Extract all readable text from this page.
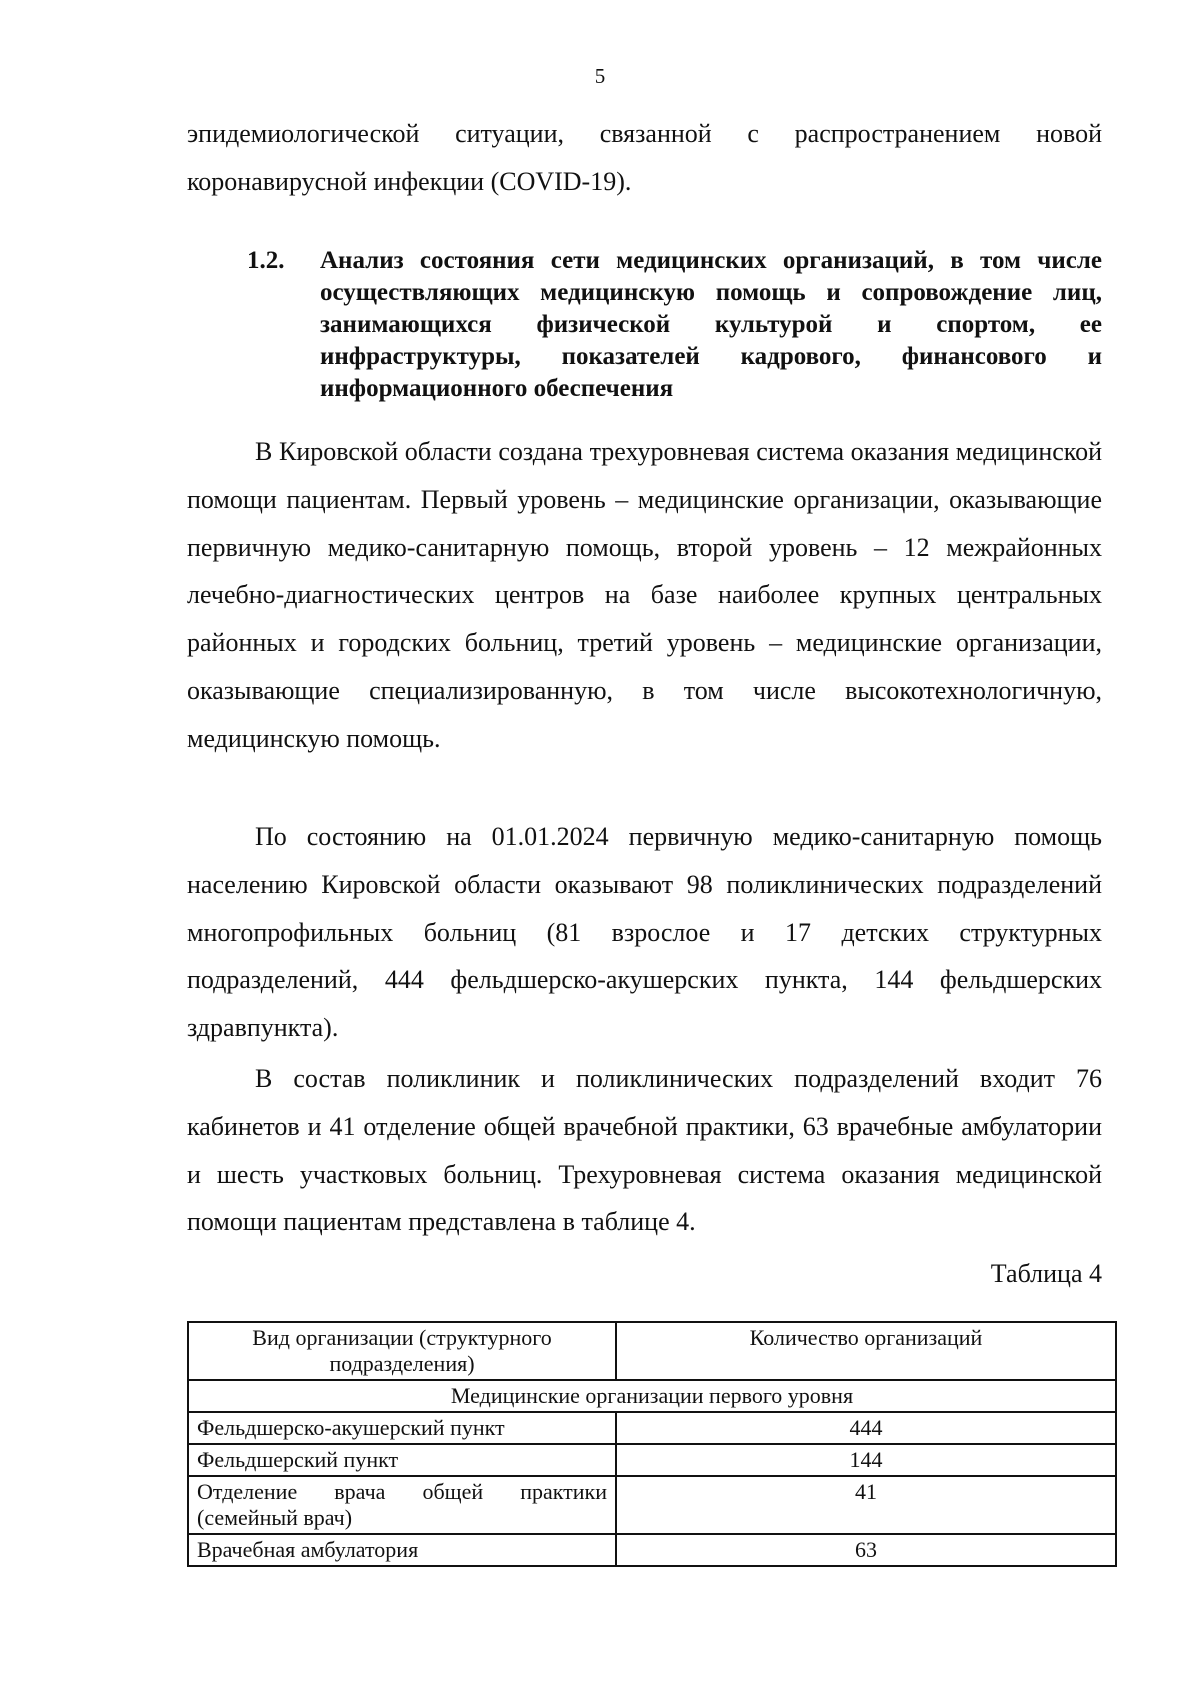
5

эпидемиологической ситуации, связанной с распространением новой коронавирусной инфекции (COVID-19).

1.2. Анализ состояния сети медицинских организаций, в том числе осуществляющих медицинскую помощь и сопровождение лиц, занимающихся физической культурой и спортом, ее инфраструктуры, показателей кадрового, финансового и информационного обеспечения

В Кировской области создана трехуровневая система оказания медицинской помощи пациентам. Первый уровень – медицинские организации, оказывающие первичную медико-санитарную помощь, второй уровень – 12 межрайонных лечебно-диагностических центров на базе наиболее крупных центральных районных и городских больниц, третий уровень – медицинские организации, оказывающие специализированную, в том числе высокотехнологичную, медицинскую помощь.

По состоянию на 01.01.2024 первичную медико-санитарную помощь населению Кировской области оказывают 98 поликлинических подразделений многопрофильных больниц (81 взрослое и 17 детских структурных подразделений, 444 фельдшерско-акушерских пункта, 144 фельдшерских здравпункта).

В состав поликлиник и поликлинических подразделений входит 76 кабинетов и 41 отделение общей врачебной практики, 63 врачебные амбулатории и шесть участковых больниц. Трехуровневая система оказания медицинской помощи пациентам представлена в таблице 4.

Таблица 4
Вид организации (структурного подразделения)	Количество организаций
Медицинские организации первого уровня	
Фельдшерско-акушерский пункт	444
Фельдшерский пункт	144
Отделение врача общей практики (семейный врач)	41
Врачебная амбулатория	63
